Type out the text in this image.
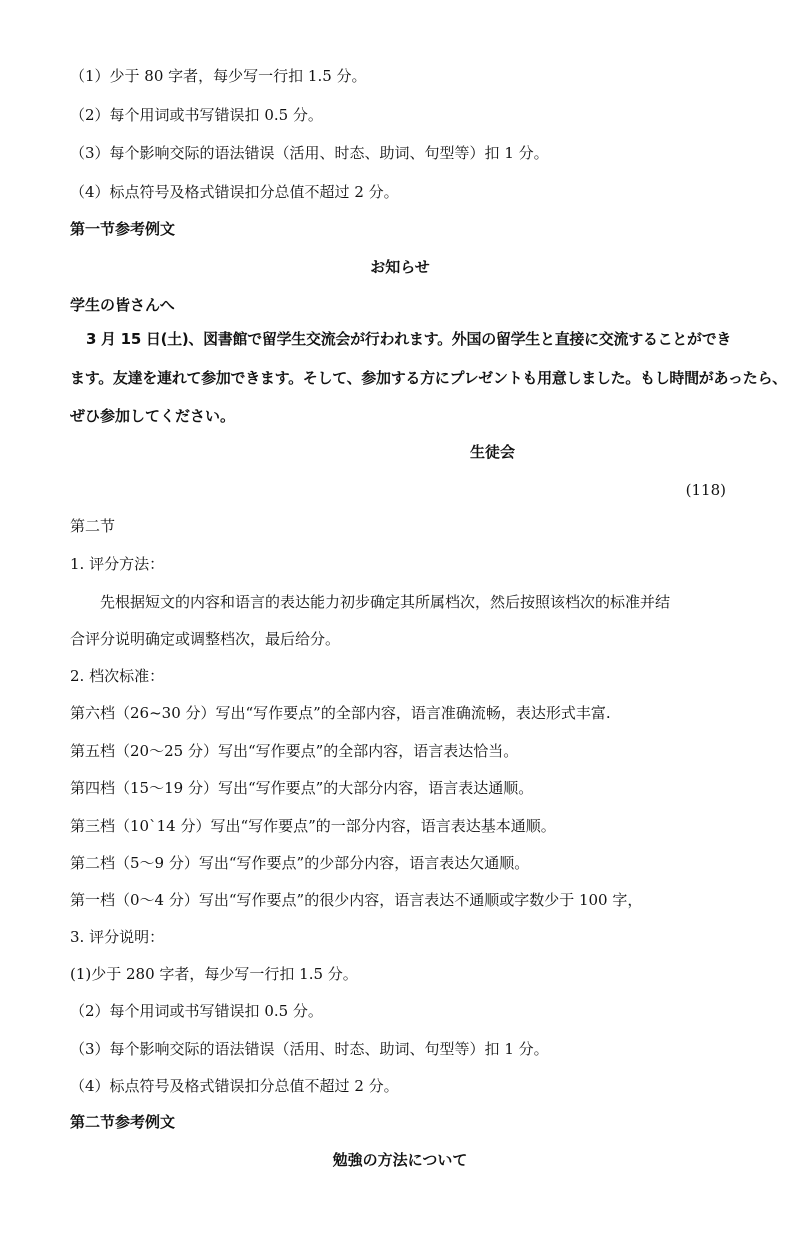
（1）少于 80 字者，每少写一行扣 1.5 分。
（2）每个用词或书写错误扣 0.5 分。
（3）每个影响交际的语法错误（活用、时态、助词、句型等）扣 1 分。
（4）标点符号及格式错误扣分总值不超过 2 分。
第一节参考例文
お知らせ
学生の皆さんへ
3 月 15 日(土)、図書館で留学生交流会が行われます。外国の留学生と直接に交流することができ
ます。友達を連れて参加できます。そして、参加する方にプレゼントも用意しました。もし時間があったら、
ぜひ参加してください。
生徒会
(118)
第二节
1. 评分方法：
先根据短文的内容和语言的表达能力初步确定其所属档次，然后按照该档次的标准并结
合评分说明确定或调整档次，最后给分。
2. 档次标准：
第六档（26~30 分）写出“写作要点”的全部内容，语言准确流畅，表达形式丰富.
第五档（20～25 分）写出“写作要点”的全部内容，语言表达恰当。
第四档（15～19 分）写出“写作要点”的大部分内容，语言表达通顺。
第三档（10`14 分）写出“写作要点”的一部分内容，语言表达基本通顺。
第二档（5～9 分）写出“写作要点”的少部分内容，语言表达欠通顺。
第一档（0～4 分）写出“写作要点”的很少内容，语言表达不通顺或字数少于 100 字，
3. 评分说明：
(1)少于 280 字者，每少写一行扣 1.5 分。
（2）每个用词或书写错误扣 0.5 分。
（3）每个影响交际的语法错误（活用、时态、助词、句型等）扣 1 分。
（4）标点符号及格式错误扣分总值不超过 2 分。
第二节参考例文
勉強の方法について
